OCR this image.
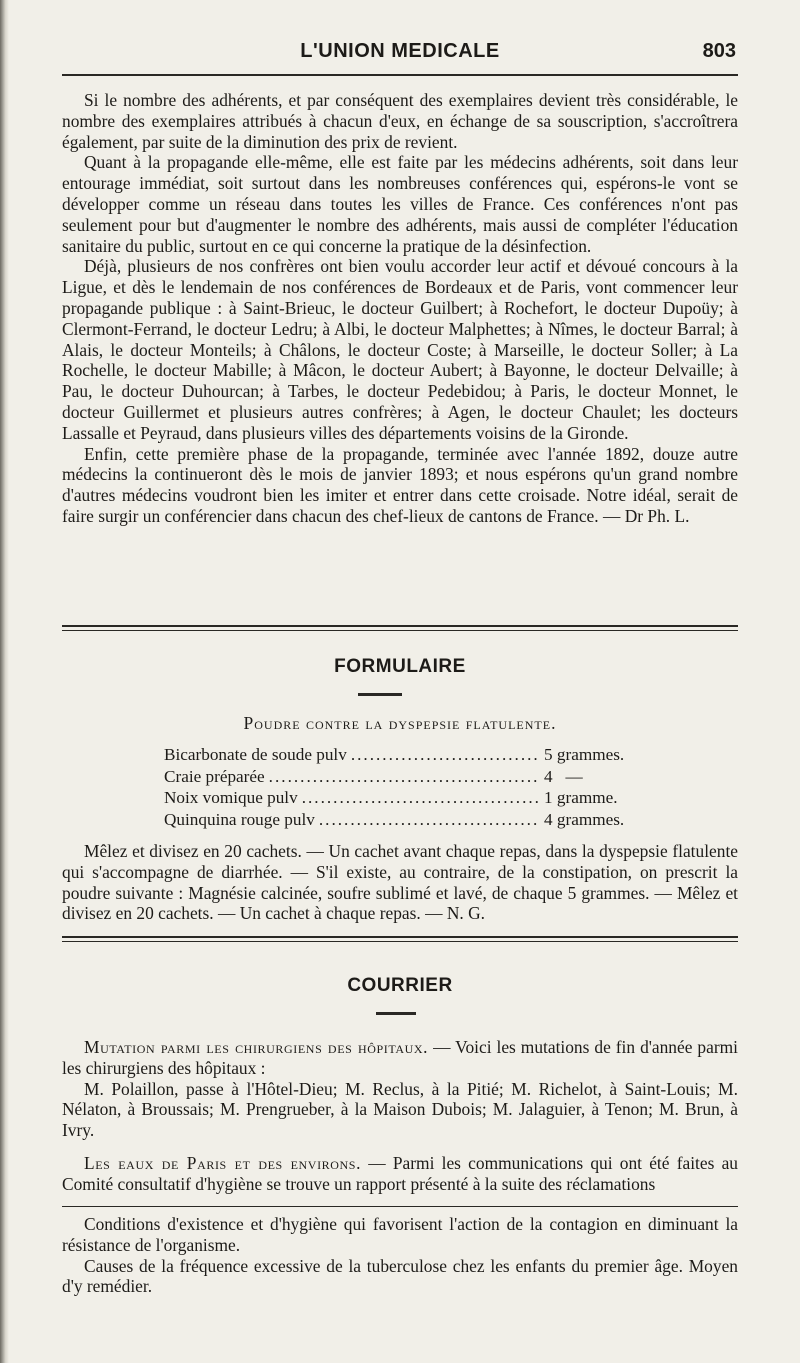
L'UNION MEDICALE	803

Si le nombre des adhérents, et par conséquent des exemplaires devient très considérable, le nombre des exemplaires attribués à chacun d'eux, en échange de sa souscription, s'accroîtrera également, par suite de la diminution des prix de revient.

Quant à la propagande elle-même, elle est faite par les médecins adhérents, soit dans leur entourage immédiat, soit surtout dans les nombreuses conférences qui, espérons-le vont se développer comme un réseau dans toutes les villes de France. Ces conférences n'ont pas seulement pour but d'augmenter le nombre des adhérents, mais aussi de compléter l'éducation sanitaire du public, surtout en ce qui concerne la pratique de la désinfection.

Déjà, plusieurs de nos confrères ont bien voulu accorder leur actif et dévoué concours à la Ligue, et dès le lendemain de nos conférences de Bordeaux et de Paris, vont commencer leur propagande publique : à Saint-Brieuc, le docteur Guilbert; à Rochefort, le docteur Dupoüy; à Clermont-Ferrand, le docteur Ledru; à Albi, le docteur Malphettes; à Nîmes, le docteur Barral; à Alais, le docteur Monteils; à Châlons, le docteur Coste; à Marseille, le docteur Soller; à La Rochelle, le docteur Mabille; à Mâcon, le docteur Aubert; à Bayonne, le docteur Delvaille; à Pau, le docteur Duhourcan; à Tarbes, le docteur Pedebidou; à Paris, le docteur Monnet, le docteur Guillermet et plusieurs autres confrères; à Agen, le docteur Chaulet; les docteurs Lassalle et Peyraud, dans plusieurs villes des départements voisins de la Gironde.

Enfin, cette première phase de la propagande, terminée avec l'année 1892, douze autre médecins la continueront dès le mois de janvier 1893; et nous espérons qu'un grand nombre d'autres médecins voudront bien les imiter et entrer dans cette croisade. Notre idéal, serait de faire surgir un conférencier dans chacun des chef-lieux de cantons de France. — Dr Ph. L.

FORMULAIRE
Poudre contre la dyspepsie flatulente.
Bicarbonate de soude pulv .....	5 grammes.
Craie préparée .....	4   —
Noix vomique pulv .....	1 gramme.
Quinquina rouge pulv .....	4 grammes.

Mêlez et divisez en 20 cachets. — Un cachet avant chaque repas, dans la dyspepsie flatulente qui s'accompagne de diarrhée. — S'il existe, au contraire, de la constipation, on prescrit la poudre suivante : Magnésie calcinée, soufre sublimé et lavé, de chaque 5 grammes. — Mêlez et divisez en 20 cachets. — Un cachet à chaque repas. — N. G.

COURRIER

Mutation parmi les chirurgiens des hôpitaux. — Voici les mutations de fin d'année parmi les chirurgiens des hôpitaux :

M. Polaillon, passe à l'Hôtel-Dieu; M. Reclus, à la Pitié; M. Richelot, à Saint-Louis; M. Nélaton, à Broussais; M. Prengrueber, à la Maison Dubois; M. Jalaguier, à Tenon; M. Brun, à Ivry.

Les eaux de Paris et des environs. — Parmi les communications qui ont été faites au Comité consultatif d'hygiène se trouve un rapport présenté à la suite des réclamations

Conditions d'existence et d'hygiène qui favorisent l'action de la contagion en diminuant la résistance de l'organisme.

Causes de la fréquence excessive de la tuberculose chez les enfants du premier âge. Moyen d'y remédier.
